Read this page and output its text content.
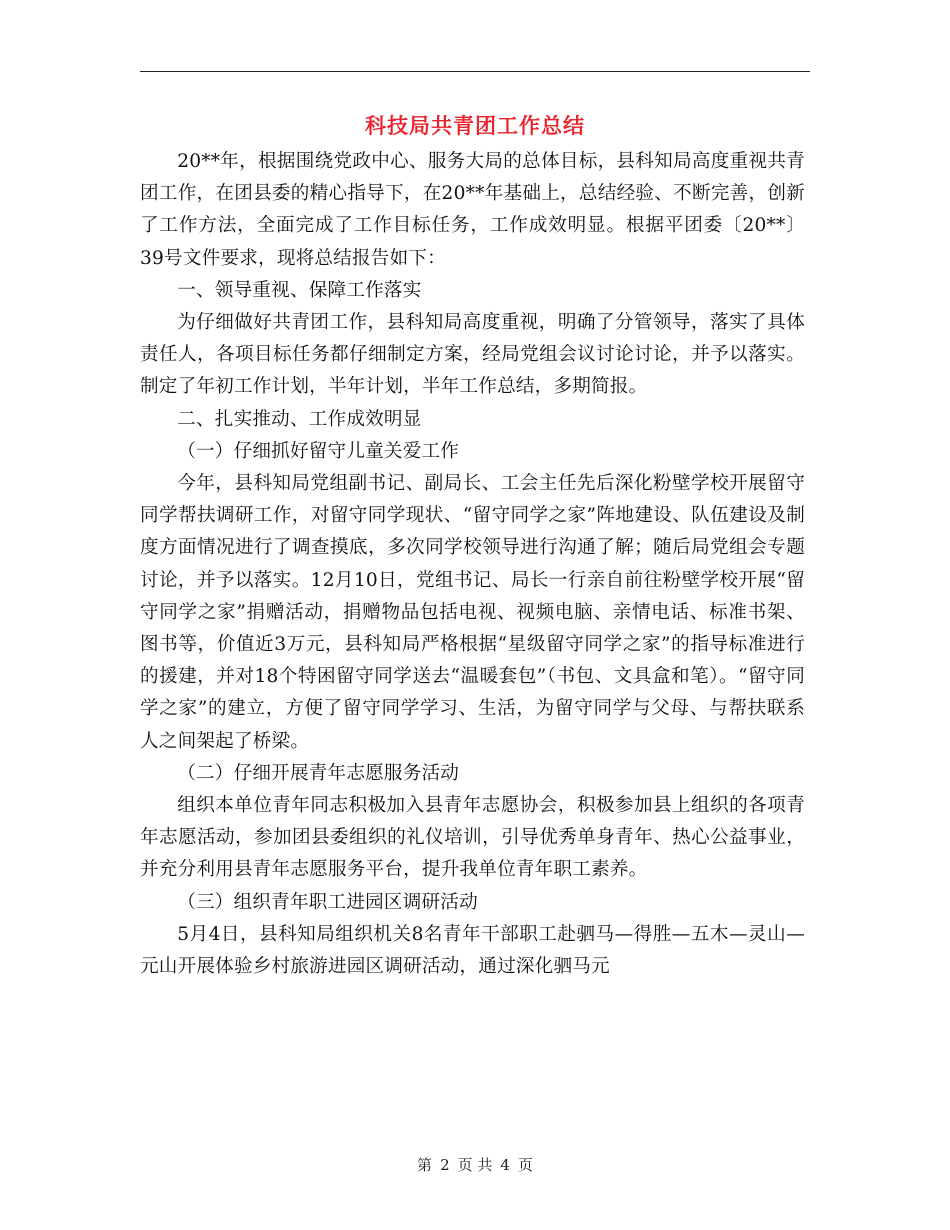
科技局共青团工作总结

20**年，根据围绕党政中心、服务大局的总体目标，县科知局高度重视共青团工作，在团县委的精心指导下，在20**年基础上，总结经验、不断完善，创新了工作方法，全面完成了工作目标任务，工作成效明显。根据平团委〔20**〕39号文件要求，现将总结报告如下：

一、领导重视、保障工作落实

为仔细做好共青团工作，县科知局高度重视，明确了分管领导，落实了具体责任人，各项目标任务都仔细制定方案，经局党组会议讨论讨论，并予以落实。制定了年初工作计划，半年计划，半年工作总结，多期简报。

二、扎实推动、工作成效明显

（一）仔细抓好留守儿童关爱工作

今年，县科知局党组副书记、副局长、工会主任先后深化粉壁学校开展留守同学帮扶调研工作，对留守同学现状、“留守同学之家”阵地建设、队伍建设及制度方面情况进行了调查摸底，多次同学校领导进行沟通了解；随后局党组会专题讨论，并予以落实。12月10日，党组书记、局长一行亲自前往粉壁学校开展“留守同学之家”捐赠活动，捐赠物品包括电视、视频电脑、亲情电话、标准书架、图书等，价值近3万元，县科知局严格根据“星级留守同学之家”的指导标准进行的援建，并对18个特困留守同学送去“温暖套包”（书包、文具盒和笔）。“留守同学之家”的建立，方便了留守同学学习、生活，为留守同学与父母、与帮扶联系人之间架起了桥梁。

（二）仔细开展青年志愿服务活动

组织本单位青年同志积极加入县青年志愿协会，积极参加县上组织的各项青年志愿活动，参加团县委组织的礼仪培训，引导优秀单身青年、热心公益事业，并充分利用县青年志愿服务平台，提升我单位青年职工素养。

（三）组织青年职工进园区调研活动

5月4日，县科知局组织机关8名青年干部职工赴驷马—得胜—五木—灵山—元山开展体验乡村旅游进园区调研活动，通过深化驷马元

第 2 页 共 4 页
